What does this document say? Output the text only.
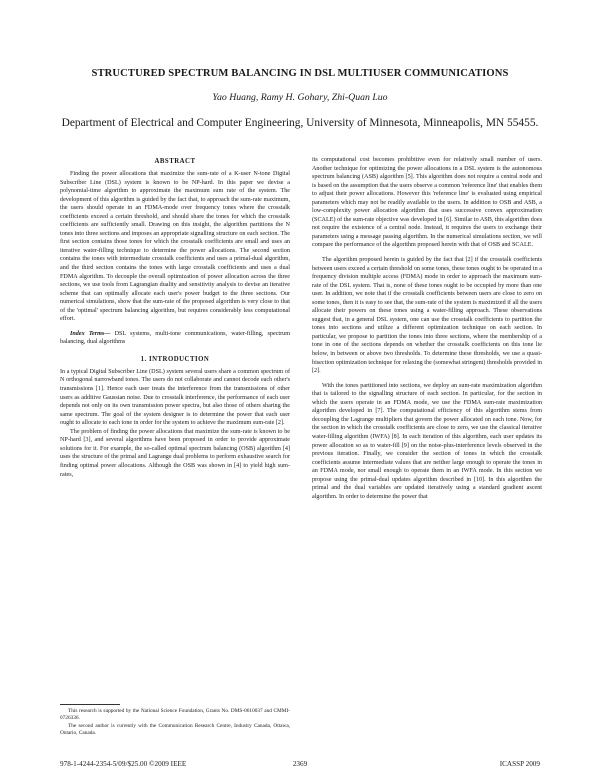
STRUCTURED SPECTRUM BALANCING IN DSL MULTIUSER COMMUNICATIONS
Yao Huang, Ramy H. Gohary, Zhi-Quan Luo
Department of Electrical and Computer Engineering, University of Minnesota, Minneapolis, MN 55455.
ABSTRACT

Finding the power allocations that maximize the sum-rate of a K-user N-tone Digital Subscriber Line (DSL) system is known to be NP-hard. In this paper we devise a polynomial-time algorithm to approximate the maximum sum rate of the system. The development of this algorithm is guided by the fact that, to approach the sum-rate maximum, the users should operate in an FDMA-mode over frequency tones where the crosstalk coefficients exceed a certain threshold, and should share the tones for which the crosstalk coefficients are sufficiently small. Drawing on this insight, the algorithm partitions the N tones into three sections and imposes an appropriate signalling structure on each section. The first section contains those tones for which the crosstalk coefficients are small and uses an iterative water-filling technique to determine the power allocations. The second section contains the tones with intermediate crosstalk coefficients and uses a primal-dual algorithm, and the third section contains the tones with large crosstalk coefficients and uses a dual FDMA algorithm. To decouple the overall optimization of power allocation across the three sections, we use tools from Lagrangian duality and sensitivity analysis to devise an iterative scheme that can optimally allocate each user's power budget to the three sections. Our numerical simulations, show that the sum-rate of the proposed algorithm is very close to that of the 'optimal' spectrum balancing algorithm, but requires considerably less computational effort.

Index Terms— DSL systems, multi-tone communications, water-filling, spectrum balancing, dual algorithms

1. INTRODUCTION

In a typical Digital Subscriber Line (DSL) system several users share a common spectrum of N orthogonal narrowband tones. The users do not collaborate and cannot decode each other's transmissions [1]. Hence each user treats the interference from the transmissions of other users as additive Gaussian noise. Due to crosstalk interference, the performance of each user depends not only on its own transmission power spectra, but also those of others sharing the same spectrum. The goal of the system designer is to determine the power that each user ought to allocate to each tone in order for the system to achieve the maximum sum-rate [2].

The problem of finding the power allocations that maximize the sum-rate is known to be NP-hard [3], and several algorithms have been proposed in order to provide approximate solutions for it. For example, the so-called optimal spectrum balancing (OSB) algorithm [4] uses the structure of the primal and Lagrange dual problems to perform exhaustive search for finding optimal power allocations. Although the OSB was shown in [4] to yield high sum-rates,

This research is supported by the National Science Foundation, Grants No. DMS-0610037 and CMMI-0726336.

The second author is currently with the Communication Research Centre, Industry Canada, Ottawa, Ontario, Canada.

its computational cost becomes prohibitive even for relatively small number of users. Another technique for optimizing the power allocations in a DSL system is the autonomous spectrum balancing (ASB) algorithm [5]. This algorithm does not require a central node and is based on the assumption that the users observe a common 'reference line' that enables them to adjust their power allocations. However this 'reference line' is evaluated using empirical parameters which may not be readily available to the users. In addition to OSB and ASB, a low-complexity power allocation algorithm that uses successive convex approximation (SCALE) of the sum-rate objective was developed in [6]. Similar to ASB, this algorithm does not require the existence of a central node. Instead, it requires the users to exchange their parameters using a message passing algorithm. In the numerical simulations section, we will compare the performance of the algorithm proposed herein with that of OSB and SCALE.

The algorithm proposed herein is guided by the fact that [2] if the crosstalk coefficients between users exceed a certain threshold on some tones, these tones ought to be operated in a frequency division multiple access (FDMA) mode in order to approach the maximum sum-rate of the DSL system. That is, none of these tones ought to be occupied by more than one user. In addition, we note that if the crosstalk coefficients between users are close to zero on some tones, then it is easy to see that, the sum-rate of the system is maximized if all the users allocate their powers on these tones using a water-filling approach. These observations suggest that, in a general DSL system, one can use the crosstalk coefficients to partition the tones into sections and utilize a different optimization technique on each section. In particular, we propose to partition the tones into three sections, where the membership of a tone in one of the sections depends on whether the crosstalk coefficients on this tone lie below, in between or above two thresholds. To determine these thresholds, we use a quasi-bisection optimization technique for relaxing the (somewhat stringent) thresholds provided in [2].

With the tones partitioned into sections, we deploy an sum-rate maximization algorithm that is tailored to the signalling structure of each section. In particular, for the section in which the users operate in an FDMA mode, we use the FDMA sum-rate maximization algorithm developed in [7]. The computational efficiency of this algorithm stems from decoupling the Lagrange multipliers that govern the power allocated on each tone. Now, for the section in which the crosstalk coefficients are close to zero, we use the classical iterative water-filling algorithm (IWFA) [8]. In each iteration of this algorithm, each user updates its power allocation so as to water-fill [9] on the noise-plus-interference levels observed in the previous iteration. Finally, we consider the section of tones in which the crosstalk coefficients assume intermediate values that are neither large enough to operate the tones in an FDMA mode, nor small enough to operate them in an IWFA mode. In this section we propose using the primal-dual updates algorithm described in [10]. In this algorithm the primal and the dual variables are updated iteratively using a standard gradient ascent algorithm. In order to determine the power that

978-1-4244-2354-5/09/$25.00 ©2009 IEEE	2369	ICASSP 2009
